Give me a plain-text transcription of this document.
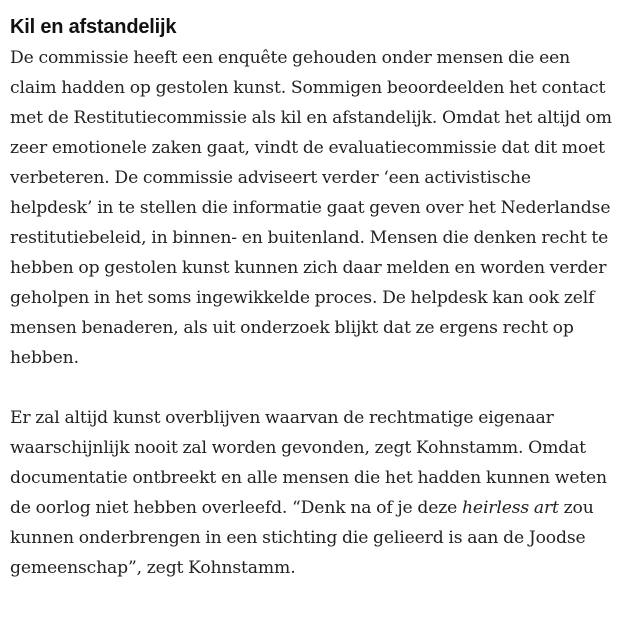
Kil en afstandelijk

De commissie heeft een enquête gehouden onder mensen die een claim hadden op gestolen kunst. Sommigen beoordeelden het contact met de Restitutiecommissie als kil en afstandelijk. Omdat het altijd om zeer emotionele zaken gaat, vindt de evaluatiecommissie dat dit moet verbeteren. De commissie adviseert verder ‘een activistische helpdesk’ in te stellen die informatie gaat geven over het Nederlandse restitutiebeleid, in binnen- en buitenland. Mensen die denken recht te hebben op gestolen kunst kunnen zich daar melden en worden verder geholpen in het soms ingewikkelde proces. De helpdesk kan ook zelf mensen benaderen, als uit onderzoek blijkt dat ze ergens recht op hebben.

Er zal altijd kunst overblijven waarvan de rechtmatige eigenaar waarschijnlijk nooit zal worden gevonden, zegt Kohnstamm. Omdat documentatie ontbreekt en alle mensen die het hadden kunnen weten de oorlog niet hebben overleefd. “Denk na of je deze heirless art zou kunnen onderbrengen in een stichting die gelieerd is aan de Joodse gemeenschap”, zegt Kohnstamm.
